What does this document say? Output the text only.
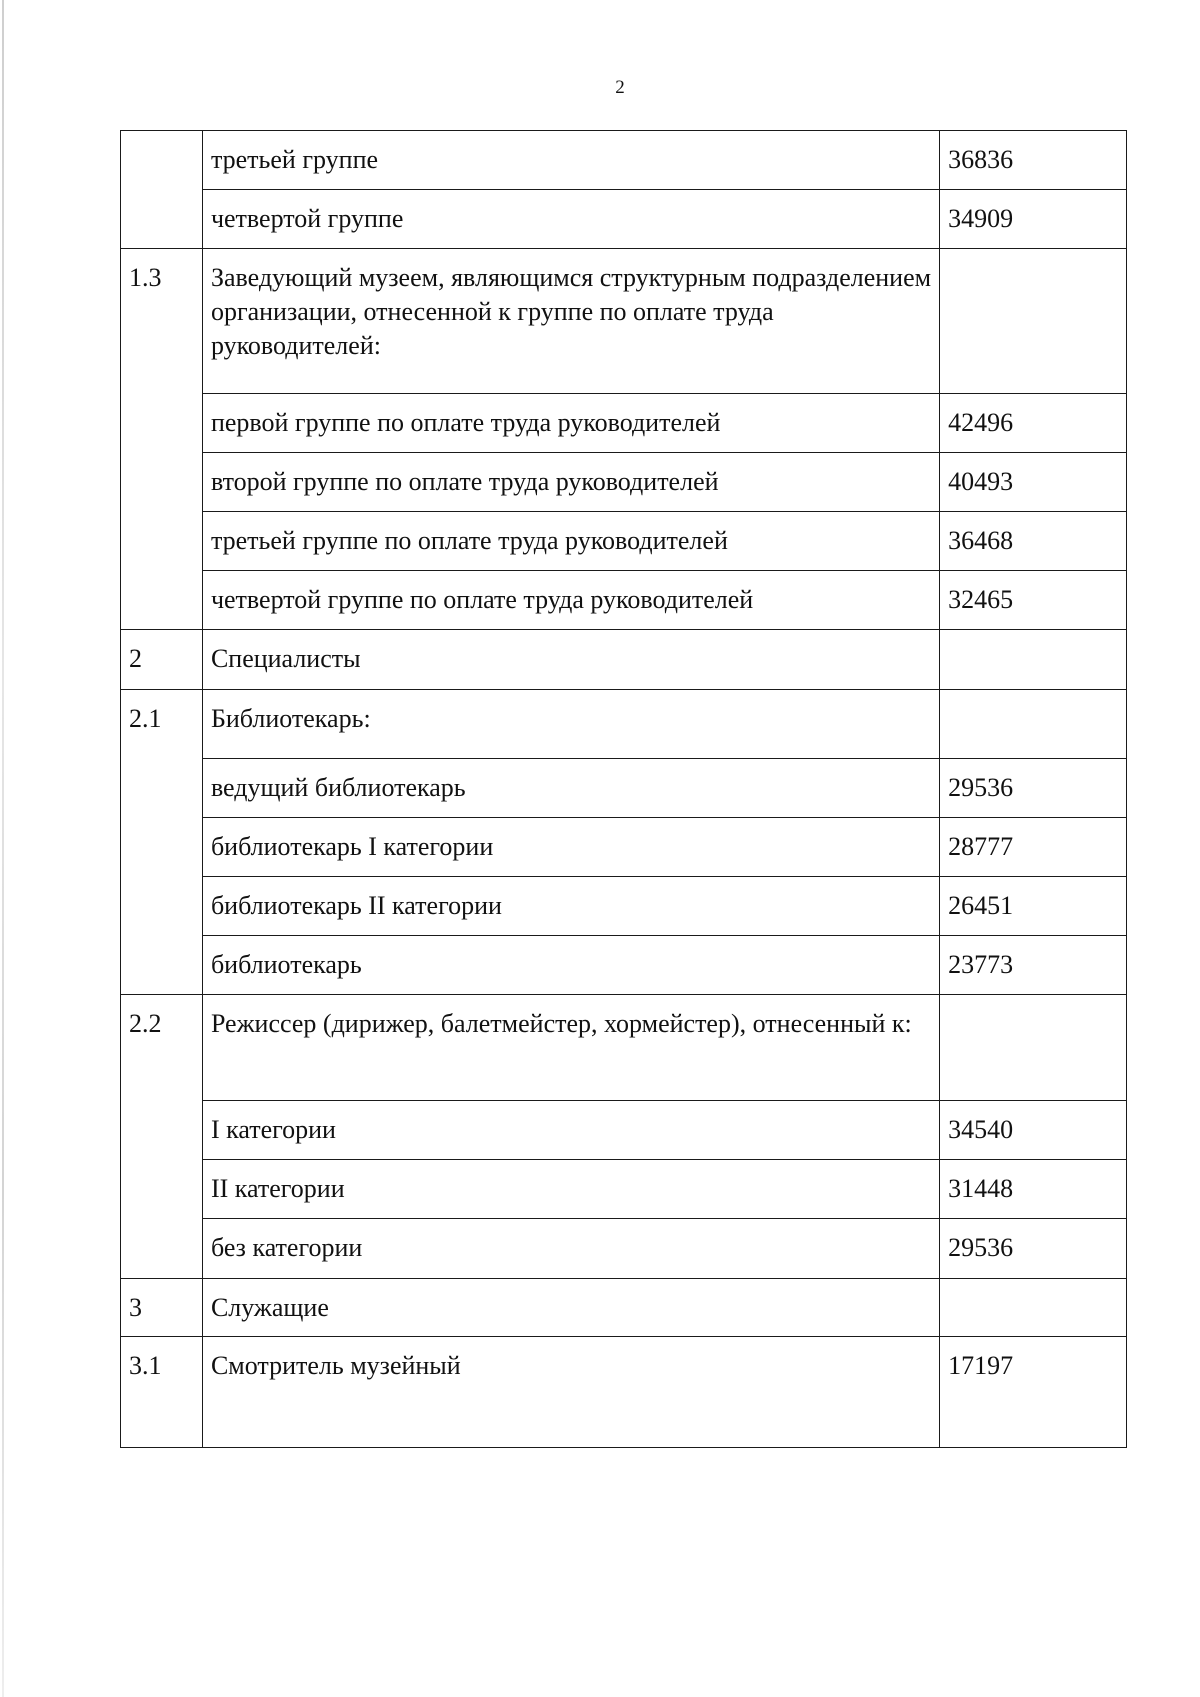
2
	третьей группе	36836
	четвертой группе	34909
1.3	Заведующий музеем, являющимся структурным подразделением организации, отнесенной к группе по оплате труда руководителей:	
	первой группе по оплате труда руководителей	42496
	второй группе по оплате труда руководителей	40493
	третьей группе по оплате труда руководителей	36468
	четвертой группе по оплате труда руководителей	32465
2	Специалисты	
2.1	Библиотекарь:	
	ведущий библиотекарь	29536
	библиотекарь I категории	28777
	библиотекарь II категории	26451
	библиотекарь	23773
2.2	Режиссер (дирижер, балетмейстер, хормейстер), отнесенный к:	
	I категории	34540
	II категории	31448
	без категории	29536
3	Служащие	
3.1	Смотритель музейный	17197
